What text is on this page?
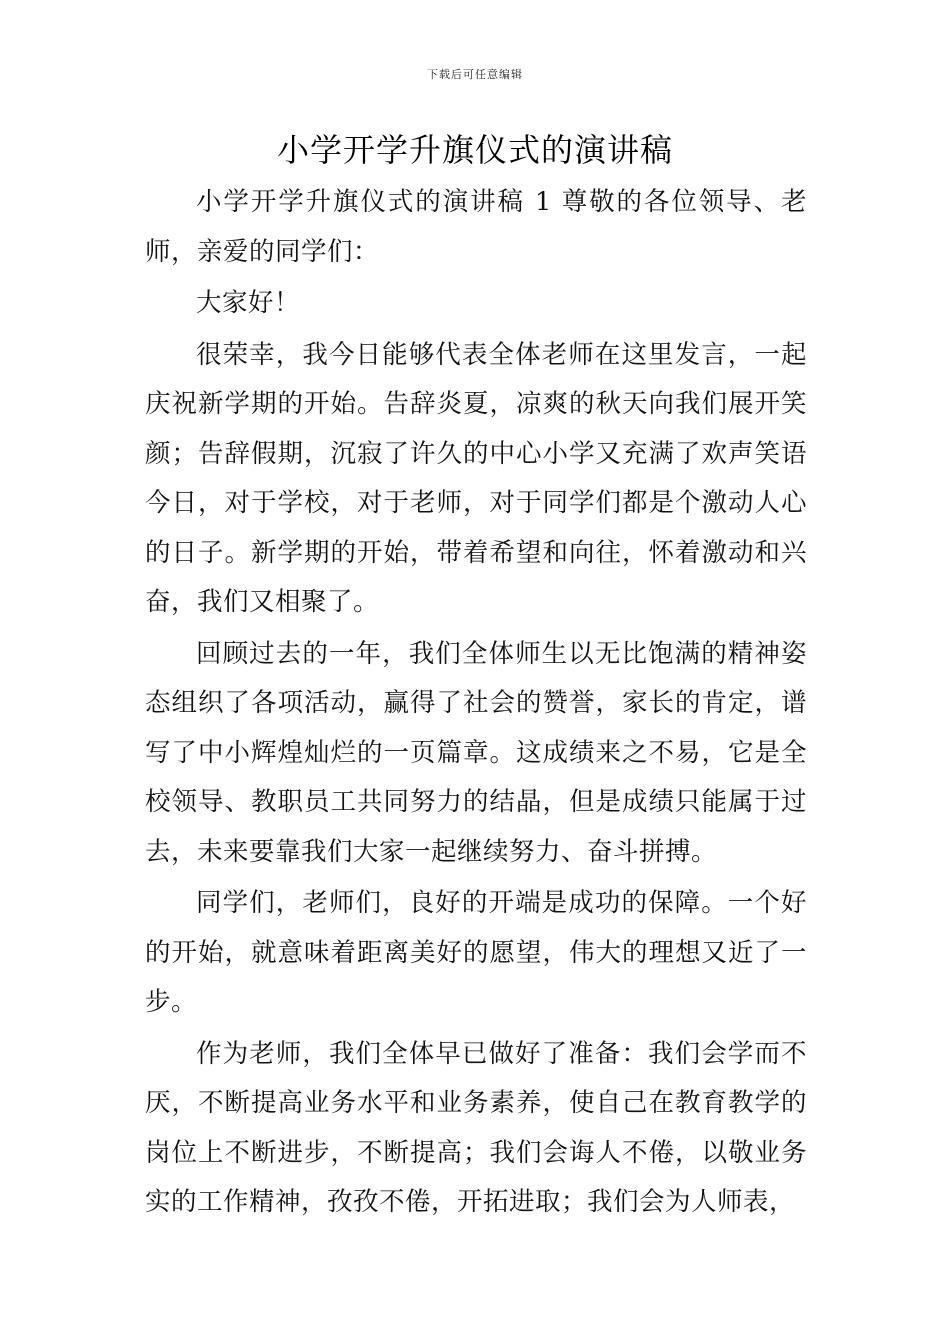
下载后可任意编辑
小学开学升旗仪式的演讲稿

小学开学升旗仪式的演讲稿 1 尊敬的各位领导、老师，亲爱的同学们：

大家好！

很荣幸，我今日能够代表全体老师在这里发言，一起庆祝新学期的开始。告辞炎夏，凉爽的秋天向我们展开笑颜；告辞假期，沉寂了许久的中心小学又充满了欢声笑语今日，对于学校，对于老师，对于同学们都是个激动人心的日子。新学期的开始，带着希望和向往，怀着激动和兴奋，我们又相聚了。

回顾过去的一年，我们全体师生以无比饱满的精神姿态组织了各项活动，赢得了社会的赞誉，家长的肯定，谱写了中小辉煌灿烂的一页篇章。这成绩来之不易，它是全校领导、教职员工共同努力的结晶，但是成绩只能属于过去，未来要靠我们大家一起继续努力、奋斗拼搏。

同学们，老师们，良好的开端是成功的保障。一个好的开始，就意味着距离美好的愿望，伟大的理想又近了一步。

作为老师，我们全体早已做好了准备：我们会学而不厌，不断提高业务水平和业务素养，使自己在教育教学的岗位上不断进步，不断提高；我们会诲人不倦，以敬业务实的工作精神，孜孜不倦，开拓进取；我们会为人师表，
